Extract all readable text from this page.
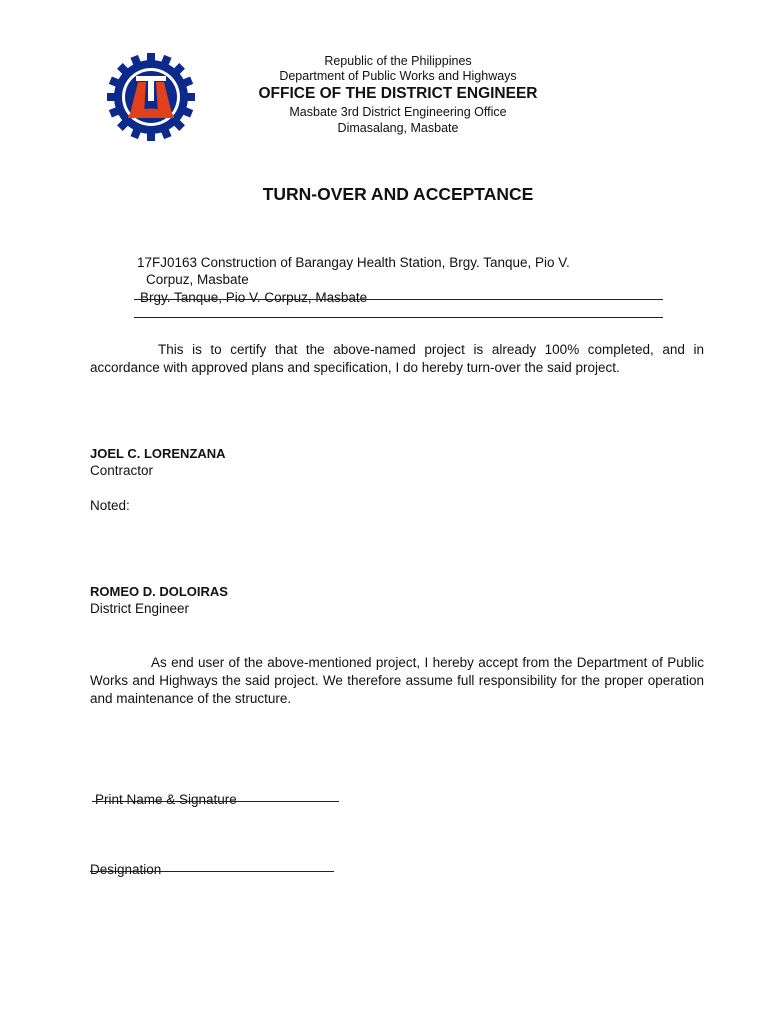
Republic of the Philippines
Department of Public Works and Highways
OFFICE OF THE DISTRICT ENGINEER
Masbate 3rd District Engineering Office
Dimasalang, Masbate
TURN-OVER AND ACCEPTANCE
17FJ0163 Construction of Barangay Health Station, Brgy. Tanque, Pio V.
Corpuz, Masbate
Brgy. Tanque, Pio V. Corpuz, Masbate
This is to certify that the above-named project is already 100% completed, and in accordance with approved plans and specification, I do hereby turn-over the said project.
JOEL C. LORENZANA
Contractor
Noted:
ROMEO D. DOLOIRAS
District Engineer
As end user of the above-mentioned project, I hereby accept from the Department of Public Works and Highways the said project. We therefore assume full responsibility for the proper operation and maintenance of the structure.
Print Name & Signature
Designation
